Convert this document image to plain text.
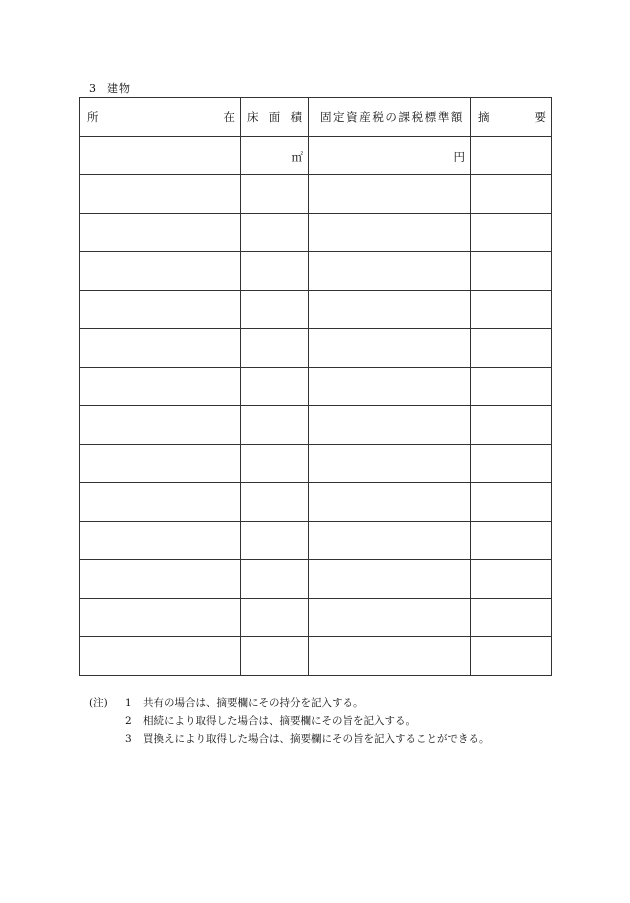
3 建物
所 在	床 面 積	固定資産税の課税標準額	摘 要

	㎡	円	

(注)	1	共有の場合は、摘要欄にその持分を記入する。
2	相続により取得した場合は、摘要欄にその旨を記入する。
3	買換えにより取得した場合は、摘要欄にその旨を記入することができる。
